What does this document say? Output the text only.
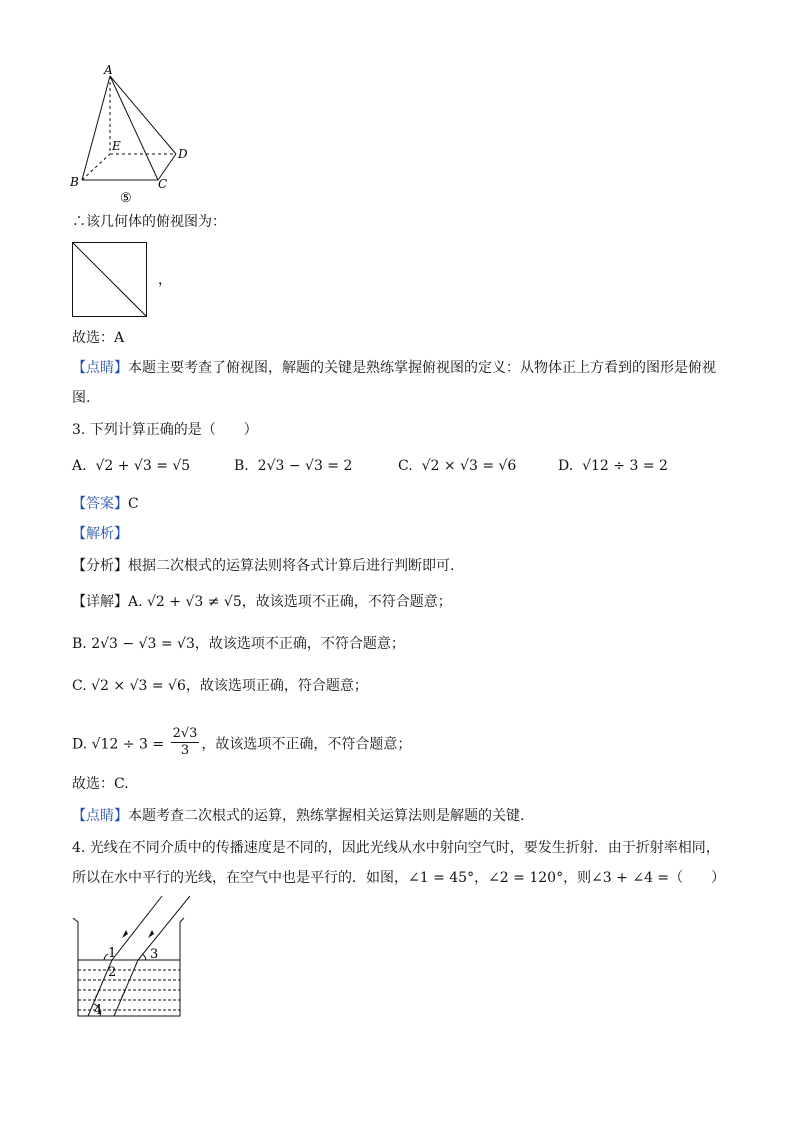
A
B	C
D
E
⑤
∴该几何体的俯视图为：
，
故选：A
【点睛】本题主要考查了俯视图，解题的关键是熟练掌握俯视图的定义：从物体正上方看到的图形是俯视
图.
3. 下列计算正确的是（　　）
A. √2 + √3 = √5	B. 2√3 − √3 = 2	C. √2 × √3 = √6	D. √12 ÷ 3 = 2
【答案】C
【解析】
【分析】根据二次根式的运算法则将各式计算后进行判断即可.
【详解】A. √2 + √3 ≠ √5，故该选项不正确，不符合题意；
B. 2√3 − √3 = √3，故该选项不正确，不符合题意；
C. √2 × √3 = √6，故该选项正确，符合题意；
D. $√12 \div 3 = \frac{2√3}{3}$ ，故该选项不正确，不符合题意；
故选：C.
【点睛】本题考查二次根式的运算，熟练掌握相关运算法则是解题的关键.
4. 光线在不同介质中的传播速度是不同的，因此光线从水中射向空气时，要发生折射．由于折射率相同，
所以在水中平行的光线，在空气中也是平行的．如图，∠1 = 45°，∠2 = 120°，则∠3 + ∠4 =（　　）
1
2
3
4
